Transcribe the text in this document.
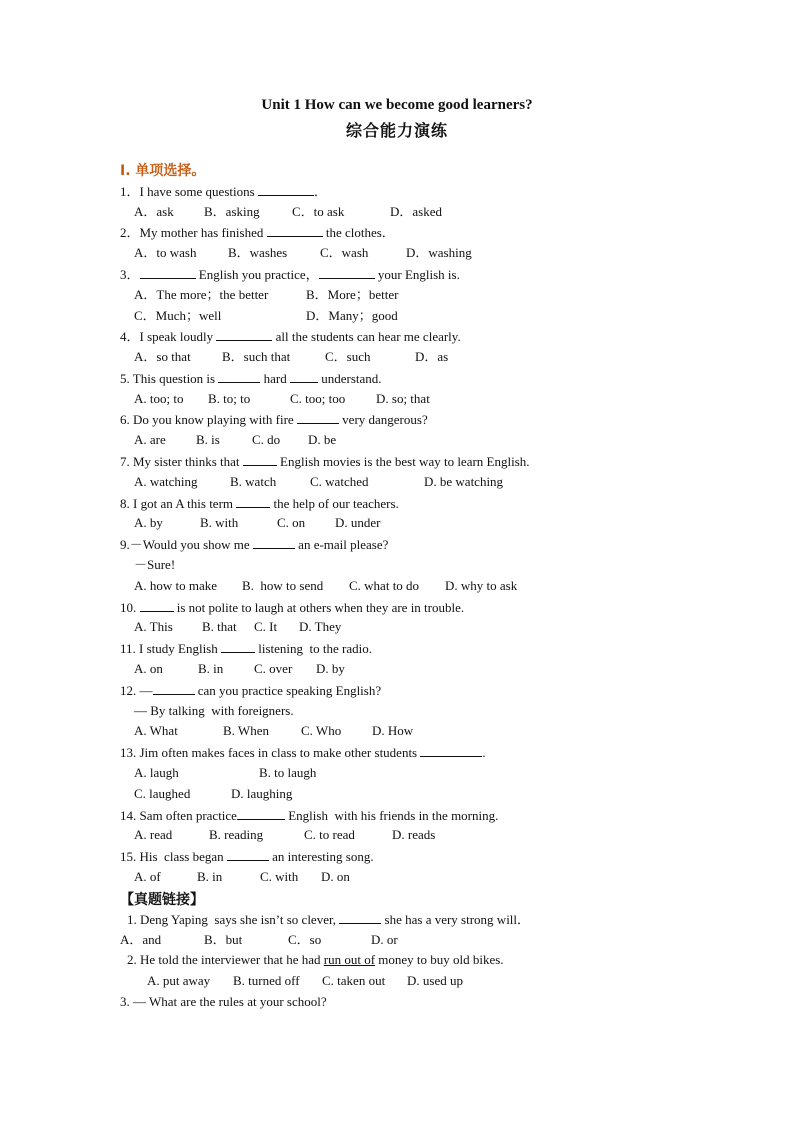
Unit 1 How can we become good learners?
综合能力演练
I. 单项选择。
1．I have some questions	．
A．ask B．asking C．to ask	D．asked
2．My mother has finished	the clothes．
A．to wash B．washes	C．wash	D．washing
3．	English you practice，	your English is.
A．The more；the better	B．More；better
C．Much；well	D．Many；good
4．I speak loudly	all the students can hear me clearly.
A．so that B．such that	C．such	D．as
5. This question is	hard  understand.
A. too; to B. to; to	C. too; too D. so; that
6. Do you know playing with fire	very dangerous?
A. are B. is C. do D. be
7. My sister thinks that	English movies is the best way to learn English.
A. watching B. watch	C. watched	D. be watching
8. I got an A this term	the help of our teachers.
A. by	B. with	C. on D. under
9.－Would you show me	an e-mail please?
－Sure!
A. how to make B.  how to send C. what to do D. why to ask
10.	is not polite to laugh at others when they are in trouble.
A. This B. that C. It D. They
11. I study English	listening  to the radio.
A. on	B. in C. over D. by
12. —	can you practice speaking English?
— By talking  with foreigners.
A. What	B. When C. Who D. How
13. Jim often makes faces in class to make other students	.
A. laugh	B. to laugh
C. laughed	D. laughing
14. Sam often practice	English  with his friends in the morning.
A. read	B. reading	C. to read	D. reads
15. His  class began	an interesting song.
A. of	B. in	C. with D. on
【真题链接】
1. Deng Yaping  says she isn’t so clever,	she has a very strong will．
A．and	B．but	C．so	D. or
2. He told the interviewer that he had run out of money to buy old bikes.
A. put away B. turned off C. taken out D. used up
3. — What are the rules at your school?
